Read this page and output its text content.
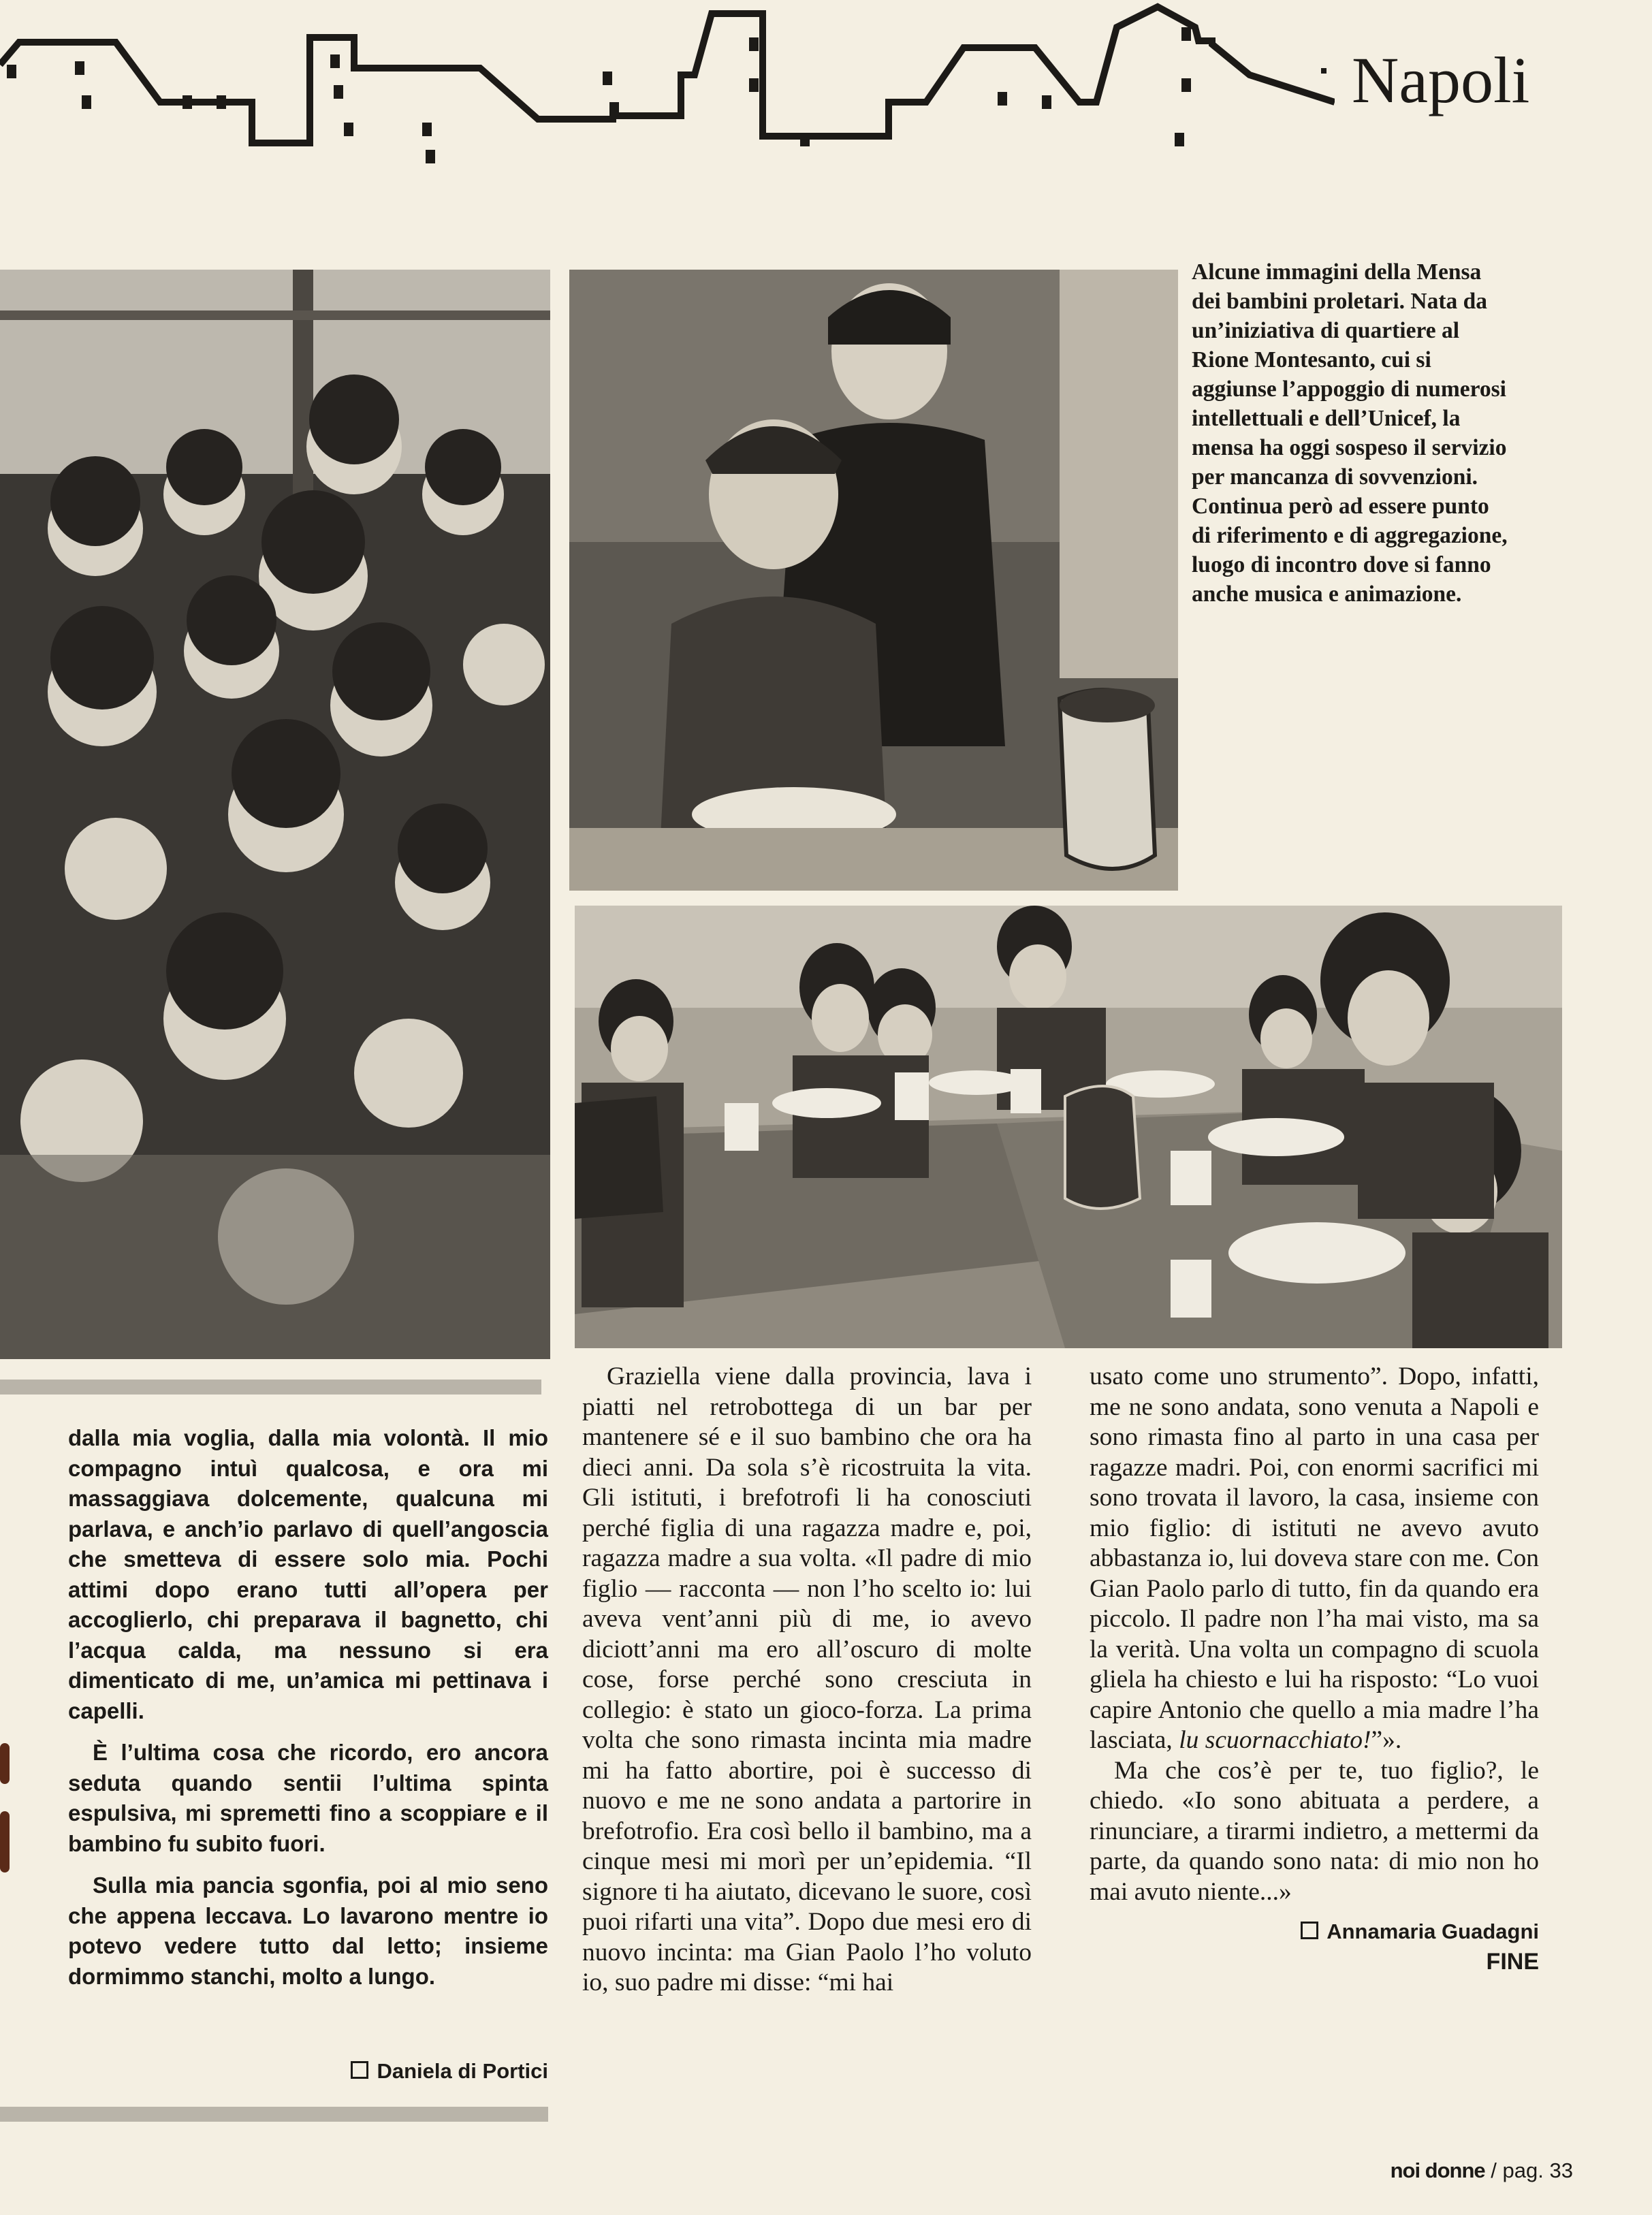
Napoli

Alcune immagini della Mensa
dei bambini proletari. Nata da
un’iniziativa di quartiere al
Rione Montesanto, cui si
aggiunse l’appoggio di numerosi
intellettuali e dell’Unicef, la
mensa ha oggi sospeso il servizio
per mancanza di sovvenzioni.
Continua però ad essere punto
di riferimento e di aggregazione,
luogo di incontro dove si fanno
anche musica e animazione.

dalla mia voglia, dalla mia volontà. Il mio compagno intuì qualcosa, e ora mi massaggiava dolcemente, qualcuna mi parlava, e anch’io parlavo di quell’angoscia che smetteva di essere solo mia. Pochi attimi dopo erano tutti all’opera per accoglierlo, chi preparava il bagnetto, chi l’acqua calda, ma nessuno si era dimenticato di me, un’amica mi pettinava i capelli.

È l’ultima cosa che ricordo, ero ancora seduta quando sentii l’ultima spinta espulsiva, mi spremetti fino a scoppiare e il bambino fu subito fuori.

Sulla mia pancia sgonfia, poi al mio seno che appena leccava. Lo lavarono mentre io potevo vedere tutto dal letto; insieme dormimmo stanchi, molto a lungo.

Daniela di Portici

Graziella viene dalla provincia, lava i piatti nel retrobottega di un bar per mantenere sé e il suo bambino che ora ha dieci anni. Da sola s’è ricostruita la vita. Gli istituti, i brefotrofi li ha conosciuti perché figlia di una ragazza madre e, poi, ragazza madre a sua volta. «Il padre di mio figlio — racconta — non l’ho scelto io: lui aveva vent’anni più di me, io avevo diciott’anni ma ero all’oscuro di molte cose, forse perché sono cresciuta in collegio: è stato un gioco-forza. La prima volta che sono rimasta incinta mia madre mi ha fatto abortire, poi è successo di nuovo e me ne sono andata a partorire in brefotrofio. Era così bello il bambino, ma a cinque mesi mi morì per un’epidemia. “Il signore ti ha aiutato, dicevano le suore, così puoi rifarti una vita”. Dopo due mesi ero di nuovo incinta: ma Gian Paolo l’ho voluto io, suo padre mi disse: “mi hai

usato come uno strumento”. Dopo, infatti, me ne sono andata, sono venuta a Napoli e sono rimasta fino al parto in una casa per ragazze madri. Poi, con enormi sacrifici mi sono trovata il lavoro, la casa, insieme con mio figlio: di istituti ne avevo avuto abbastanza io, lui doveva stare con me. Con Gian Paolo parlo di tutto, fin da quando era piccolo. Il padre non l’ha mai visto, ma sa la verità. Una volta un compagno di scuola gliela ha chiesto e lui ha risposto: “Lo vuoi capire Antonio che quello a mia madre l’ha lasciata, lu scuornacchiato!”».

Ma che cos’è per te, tuo figlio?, le chiedo. «Io sono abituata a perdere, a rinunciare, a tirarmi indietro, a mettermi da parte, da quando sono nata: di mio non ho mai avuto niente...»

Annamaria Guadagni

FINE

noi donne / pag. 33
